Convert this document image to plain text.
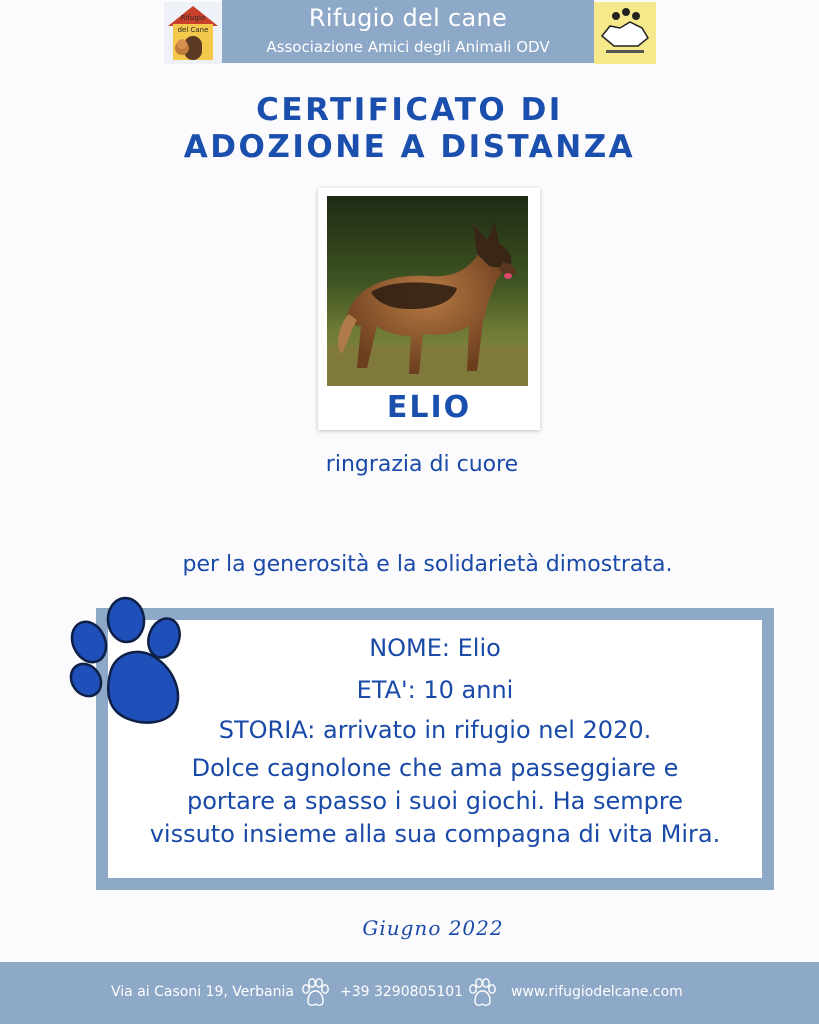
Rifugio
del Cane	Rifugio del cane
Associazione Amici degli Animali ODV
CERTIFICATO DI
ADOZIONE A DISTANZA
ELIO
ringrazia di cuore
per la generosità e la solidarietà dimostrata.
NOME: Elio
ETA': 10 anni
STORIA: arrivato in rifugio nel 2020.
Dolce cagnolone che ama passeggiare e
portare a spasso i suoi giochi. Ha sempre
vissuto insieme alla sua compagna di vita Mira.
Giugno 2022
Via ai Casoni 19, Verbania	+39 3290805101	www.rifugiodelcane.com
